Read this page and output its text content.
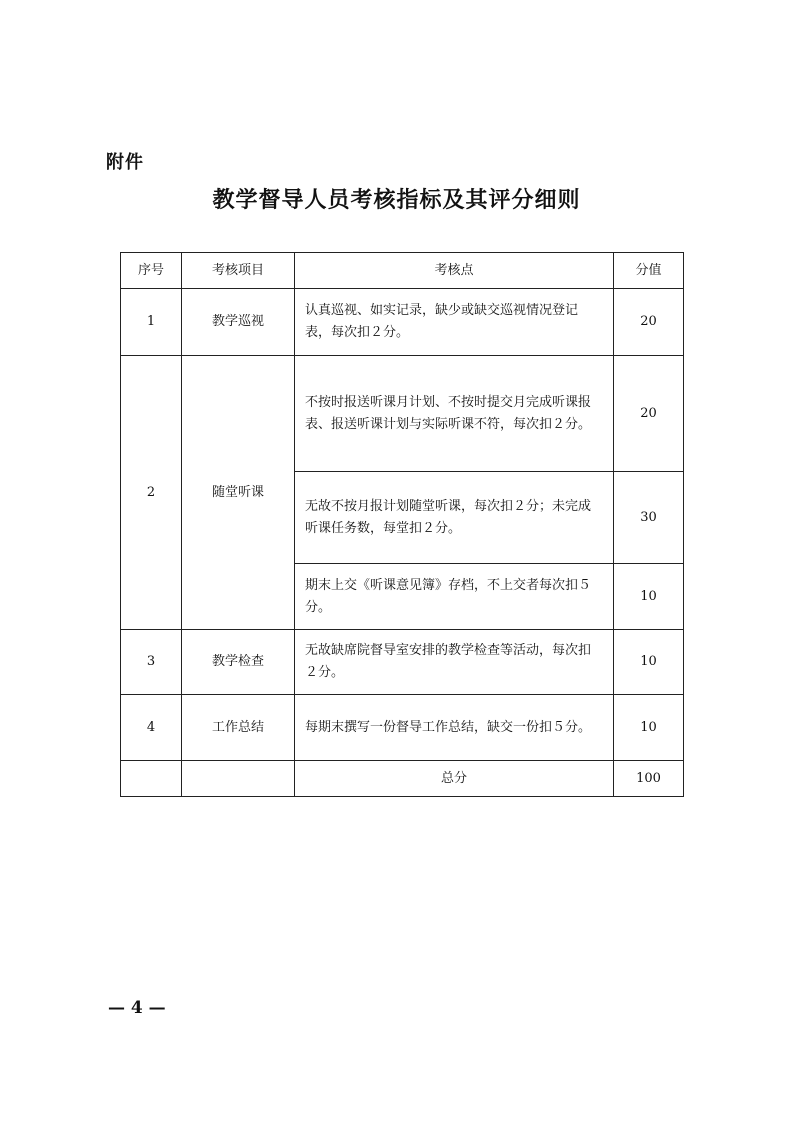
附件
教学督导人员考核指标及其评分细则
序号	考核项目	考核点	分值
1	教学巡视	认真巡视、如实记录，缺少或缺交巡视情况登记表，每次扣２分。	20
2	随堂听课	不按时报送听课月计划、不按时提交月完成听课报表、报送听课计划与实际听课不符，每次扣２分。	20
		无故不按月报计划随堂听课，每次扣２分；未完成听课任务数，每堂扣２分。	30
		期末上交《听课意见簿》存档，不上交者每次扣５分。	10
3	教学检查	无故缺席院督导室安排的教学检查等活动，每次扣２分。	10
4	工作总结	每期末撰写一份督导工作总结，缺交一份扣５分。	10
		总分	100
— 4 —
